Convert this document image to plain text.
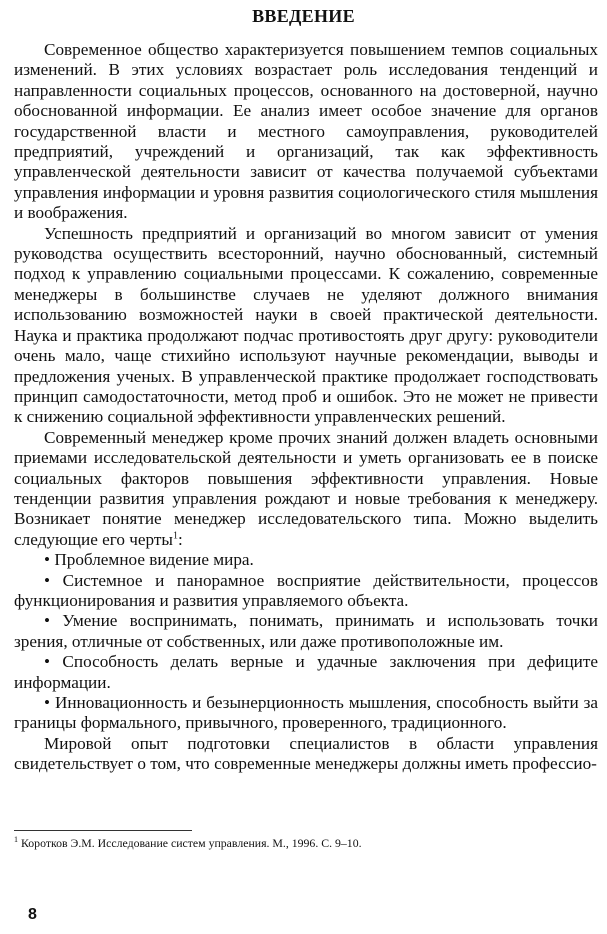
ВВЕДЕНИЕ

Современное общество характеризуется повышением темпов социальных изменений. В этих условиях возрастает роль исследования тенденций и направленности социальных процессов, основанного на достоверной, научно обоснованной информации. Ее анализ имеет особое значение для органов государственной власти и местного самоуправления, руководителей предприятий, учреждений и организаций, так как эффективность управленческой деятельности зависит от качества получаемой субъектами управления информации и уровня развития социологического стиля мышления и воображения.

Успешность предприятий и организаций во многом зависит от умения руководства осуществить всесторонний, научно обоснованный, системный подход к управлению социальными процессами. К сожалению, современные менеджеры в большинстве случаев не уделяют должного внимания использованию возможностей науки в своей практической деятельности. Наука и практика продолжают подчас противостоять друг другу: руководители очень мало, чаще стихийно используют научные рекомендации, выводы и предложения ученых. В управленческой практике продолжает господствовать принцип самодостаточности, метод проб и ошибок. Это не может не привести к снижению социальной эффективности управленческих решений.

Современный менеджер кроме прочих знаний должен владеть основными приемами исследовательской деятельности и уметь организовать ее в поиске социальных факторов повышения эффективности управления. Новые тенденции развития управления рождают и новые требования к менеджеру. Возникает понятие менеджер исследовательского типа. Можно выделить следующие его черты$^1$:

• Проблемное видение мира.

• Системное и панорамное восприятие действительности, процессов функционирования и развития управляемого объекта.

• Умение воспринимать, понимать, принимать и использовать точки зрения, отличные от собственных, или даже противоположные им.

• Способность делать верные и удачные заключения при дефиците информации.

• Инновационность и безынерционность мышления, способность выйти за границы формального, привычного, проверенного, традиционного.

Мировой опыт подготовки специалистов в области управления свидетельствует о том, что современные менеджеры должны иметь профессио-

$^1$ Коротков Э.М. Исследование систем управления. М., 1996. С. 9–10.
8
